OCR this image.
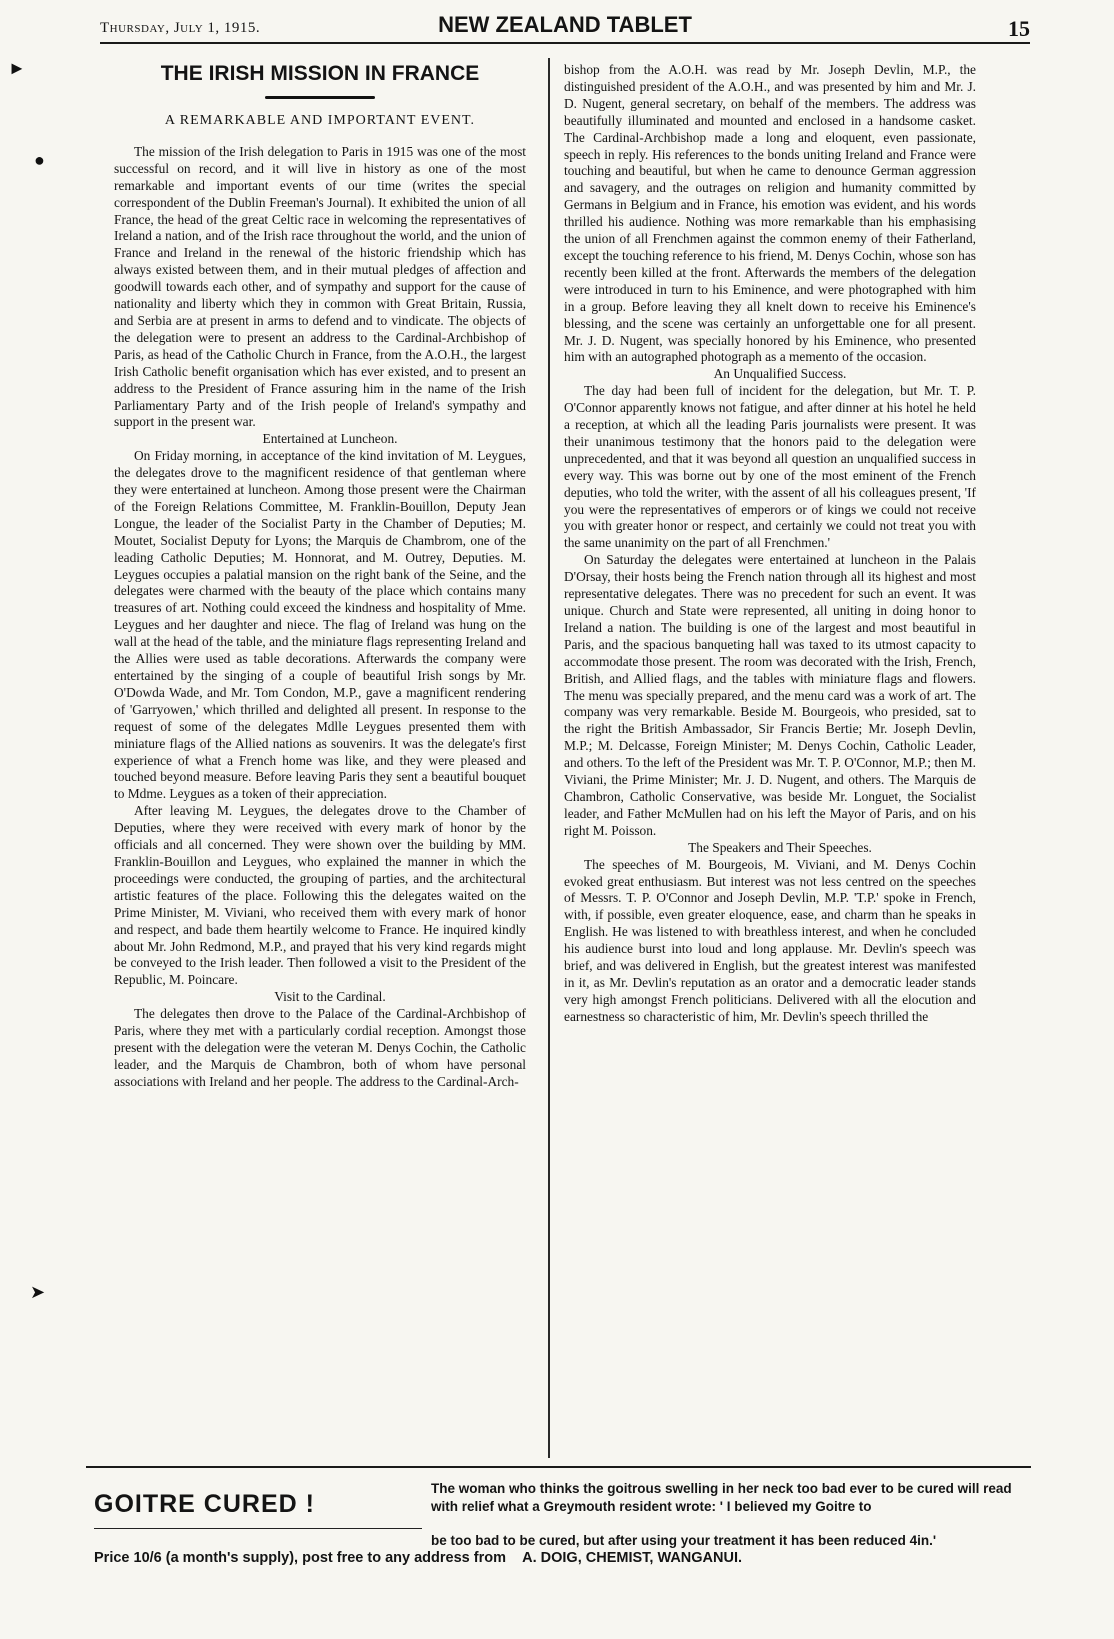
►
●
➤
Thursday, July 1, 1915.	NEW ZEALAND TABLET	15
THE IRISH MISSION IN FRANCE
A REMARKABLE AND IMPORTANT EVENT.

The mission of the Irish delegation to Paris in 1915 was one of the most successful on record, and it will live in history as one of the most remarkable and important events of our time (writes the special correspondent of the Dublin Freeman's Journal). It exhibited the union of all France, the head of the great Celtic race in welcoming the representatives of Ireland a nation, and of the Irish race throughout the world, and the union of France and Ireland in the renewal of the historic friendship which has always existed between them, and in their mutual pledges of affection and goodwill towards each other, and of sympathy and support for the cause of nationality and liberty which they in common with Great Britain, Russia, and Serbia are at present in arms to defend and to vindicate. The objects of the delegation were to present an address to the Cardinal-Archbishop of Paris, as head of the Catholic Church in France, from the A.O.H., the largest Irish Catholic benefit organisation which has ever existed, and to present an address to the President of France assuring him in the name of the Irish Parliamentary Party and of the Irish people of Ireland's sympathy and support in the present war.

Entertained at Luncheon.

On Friday morning, in acceptance of the kind invitation of M. Leygues, the delegates drove to the magnificent residence of that gentleman where they were entertained at luncheon. Among those present were the Chairman of the Foreign Relations Committee, M. Franklin-Bouillon, Deputy Jean Longue, the leader of the Socialist Party in the Chamber of Deputies; M. Moutet, Socialist Deputy for Lyons; the Marquis de Chambrom, one of the leading Catholic Deputies; M. Honnorat, and M. Outrey, Deputies. M. Leygues occupies a palatial mansion on the right bank of the Seine, and the delegates were charmed with the beauty of the place which contains many treasures of art. Nothing could exceed the kindness and hospitality of Mme. Leygues and her daughter and niece. The flag of Ireland was hung on the wall at the head of the table, and the miniature flags representing Ireland and the Allies were used as table decorations. Afterwards the company were entertained by the singing of a couple of beautiful Irish songs by Mr. O'Dowda Wade, and Mr. Tom Condon, M.P., gave a magnificent rendering of 'Garryowen,' which thrilled and delighted all present. In response to the request of some of the delegates Mdlle Leygues presented them with miniature flags of the Allied nations as souvenirs. It was the delegate's first experience of what a French home was like, and they were pleased and touched beyond measure. Before leaving Paris they sent a beautiful bouquet to Mdme. Leygues as a token of their appreciation.

After leaving M. Leygues, the delegates drove to the Chamber of Deputies, where they were received with every mark of honor by the officials and all concerned. They were shown over the building by MM. Franklin-Bouillon and Leygues, who explained the manner in which the proceedings were conducted, the grouping of parties, and the architectural artistic features of the place. Following this the delegates waited on the Prime Minister, M. Viviani, who received them with every mark of honor and respect, and bade them heartily welcome to France. He inquired kindly about Mr. John Redmond, M.P., and prayed that his very kind regards might be conveyed to the Irish leader. Then followed a visit to the President of the Republic, M. Poincare.

Visit to the Cardinal.

The delegates then drove to the Palace of the Cardinal-Archbishop of Paris, where they met with a particularly cordial reception. Amongst those present with the delegation were the veteran M. Denys Cochin, the Catholic leader, and the Marquis de Chambron, both of whom have personal associations with Ireland and her people. The address to the Cardinal-Arch-

bishop from the A.O.H. was read by Mr. Joseph Devlin, M.P., the distinguished president of the A.O.H., and was presented by him and Mr. J. D. Nugent, general secretary, on behalf of the members. The address was beautifully illuminated and mounted and enclosed in a handsome casket. The Cardinal-Archbishop made a long and eloquent, even passionate, speech in reply. His references to the bonds uniting Ireland and France were touching and beautiful, but when he came to denounce German aggression and savagery, and the outrages on religion and humanity committed by Germans in Belgium and in France, his emotion was evident, and his words thrilled his audience. Nothing was more remarkable than his emphasising the union of all Frenchmen against the common enemy of their Fatherland, except the touching reference to his friend, M. Denys Cochin, whose son has recently been killed at the front. Afterwards the members of the delegation were introduced in turn to his Eminence, and were photographed with him in a group. Before leaving they all knelt down to receive his Eminence's blessing, and the scene was certainly an unforgettable one for all present. Mr. J. D. Nugent, was specially honored by his Eminence, who presented him with an autographed photograph as a memento of the occasion.

An Unqualified Success.

The day had been full of incident for the delegation, but Mr. T. P. O'Connor apparently knows not fatigue, and after dinner at his hotel he held a reception, at which all the leading Paris journalists were present. It was their unanimous testimony that the honors paid to the delegation were unprecedented, and that it was beyond all question an unqualified success in every way. This was borne out by one of the most eminent of the French deputies, who told the writer, with the assent of all his colleagues present, 'If you were the representatives of emperors or of kings we could not receive you with greater honor or respect, and certainly we could not treat you with the same unanimity on the part of all Frenchmen.'

On Saturday the delegates were entertained at luncheon in the Palais D'Orsay, their hosts being the French nation through all its highest and most representative delegates. There was no precedent for such an event. It was unique. Church and State were represented, all uniting in doing honor to Ireland a nation. The building is one of the largest and most beautiful in Paris, and the spacious banqueting hall was taxed to its utmost capacity to accommodate those present. The room was decorated with the Irish, French, British, and Allied flags, and the tables with miniature flags and flowers. The menu was specially prepared, and the menu card was a work of art. The company was very remarkable. Beside M. Bourgeois, who presided, sat to the right the British Ambassador, Sir Francis Bertie; Mr. Joseph Devlin, M.P.; M. Delcasse, Foreign Minister; M. Denys Cochin, Catholic Leader, and others. To the left of the President was Mr. T. P. O'Connor, M.P.; then M. Viviani, the Prime Minister; Mr. J. D. Nugent, and others. The Marquis de Chambron, Catholic Conservative, was beside Mr. Longuet, the Socialist leader, and Father McMullen had on his left the Mayor of Paris, and on his right M. Poisson.

The Speakers and Their Speeches.

The speeches of M. Bourgeois, M. Viviani, and M. Denys Cochin evoked great enthusiasm. But interest was not less centred on the speeches of Messrs. T. P. O'Connor and Joseph Devlin, M.P. 'T.P.' spoke in French, with, if possible, even greater eloquence, ease, and charm than he speaks in English. He was listened to with breathless interest, and when he concluded his audience burst into loud and long applause. Mr. Devlin's speech was brief, and was delivered in English, but the greatest interest was manifested in it, as Mr. Devlin's reputation as an orator and a democratic leader stands very high amongst French politicians. Delivered with all the elocution and earnestness so characteristic of him, Mr. Devlin's speech thrilled the

GOITRE CURED !
The woman who thinks the goitrous swelling in her neck too bad ever to be cured will read with relief what a Greymouth resident wrote: ' I believed my Goitre to
be too bad to be cured, but after using your treatment it has been reduced 4in.'
Price 10/6 (a month's supply), post free to any address from A. DOIG, CHEMIST, WANGANUI.
